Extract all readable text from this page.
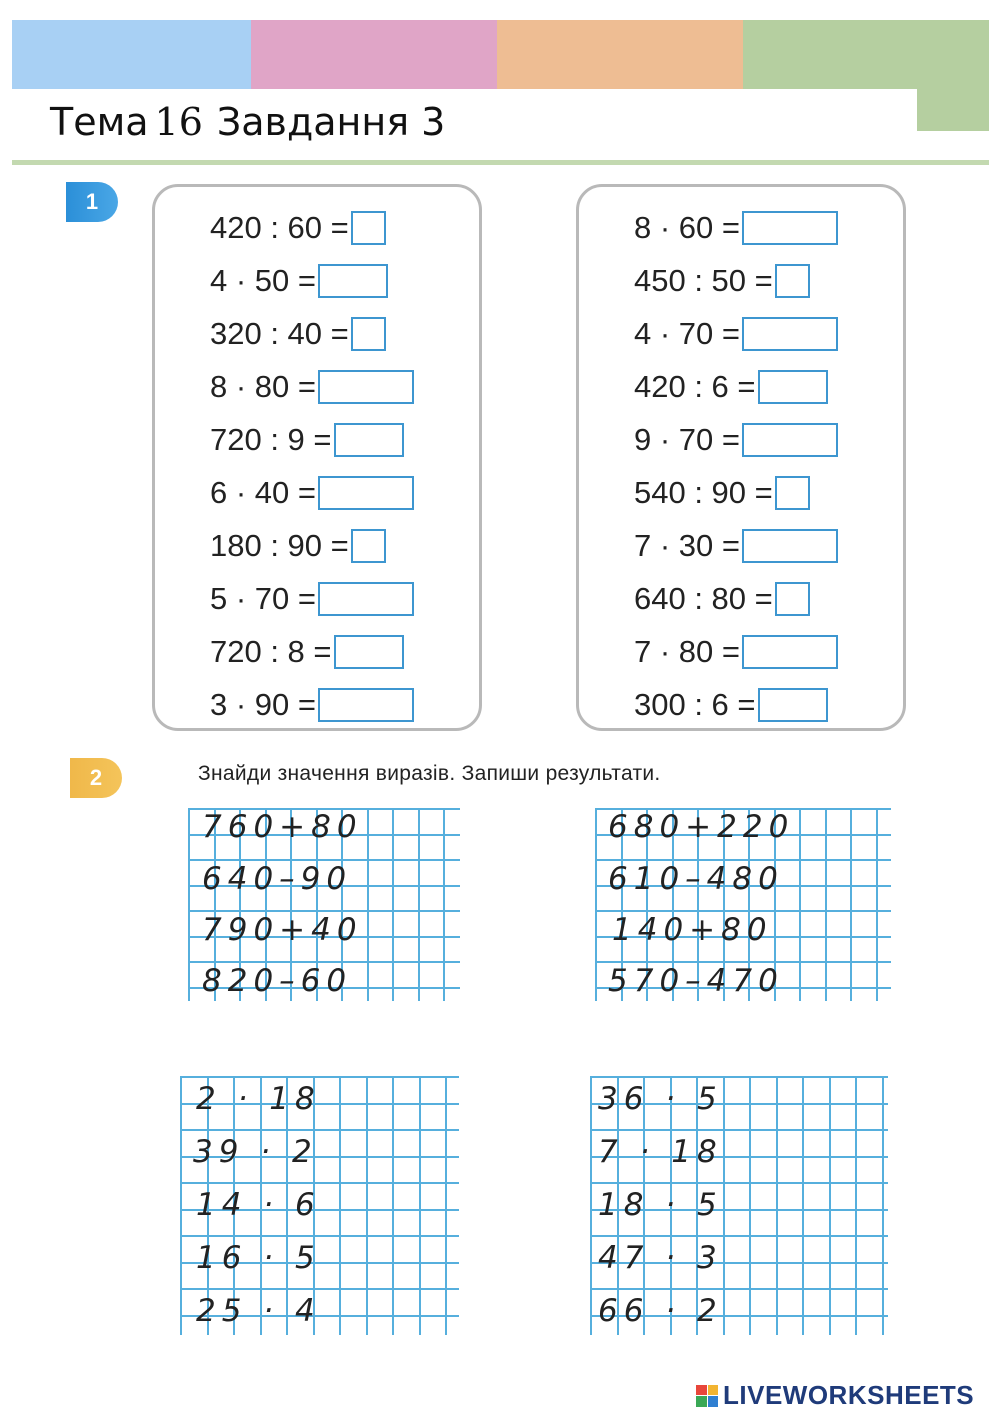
Тема 16 Завдання 3
1
420 : 60 =
4 · 50 =
320 : 40 =
8 · 80 =
720 : 9 =
6 · 40 =
180 : 90 =
5 · 70 =
720 : 8 =
3 · 90 =
8 · 60 =
450 : 50 =
4 · 70 =
420 : 6 =
9 · 70 =
540 : 90 =
7 · 30 =
640 : 80 =
7 · 80 =
300 : 6 =
2	Знайди значення виразів. Запиши результати.
760+80
640–90
790+40
820–60
680+220
610–480
140+80
570–470
2 · 18
39 · 2
14 · 6
16 · 5
25 · 4
36 · 5
7 · 18
18 · 5
47 · 3
66 · 2
LIVEWORKSHEETS
